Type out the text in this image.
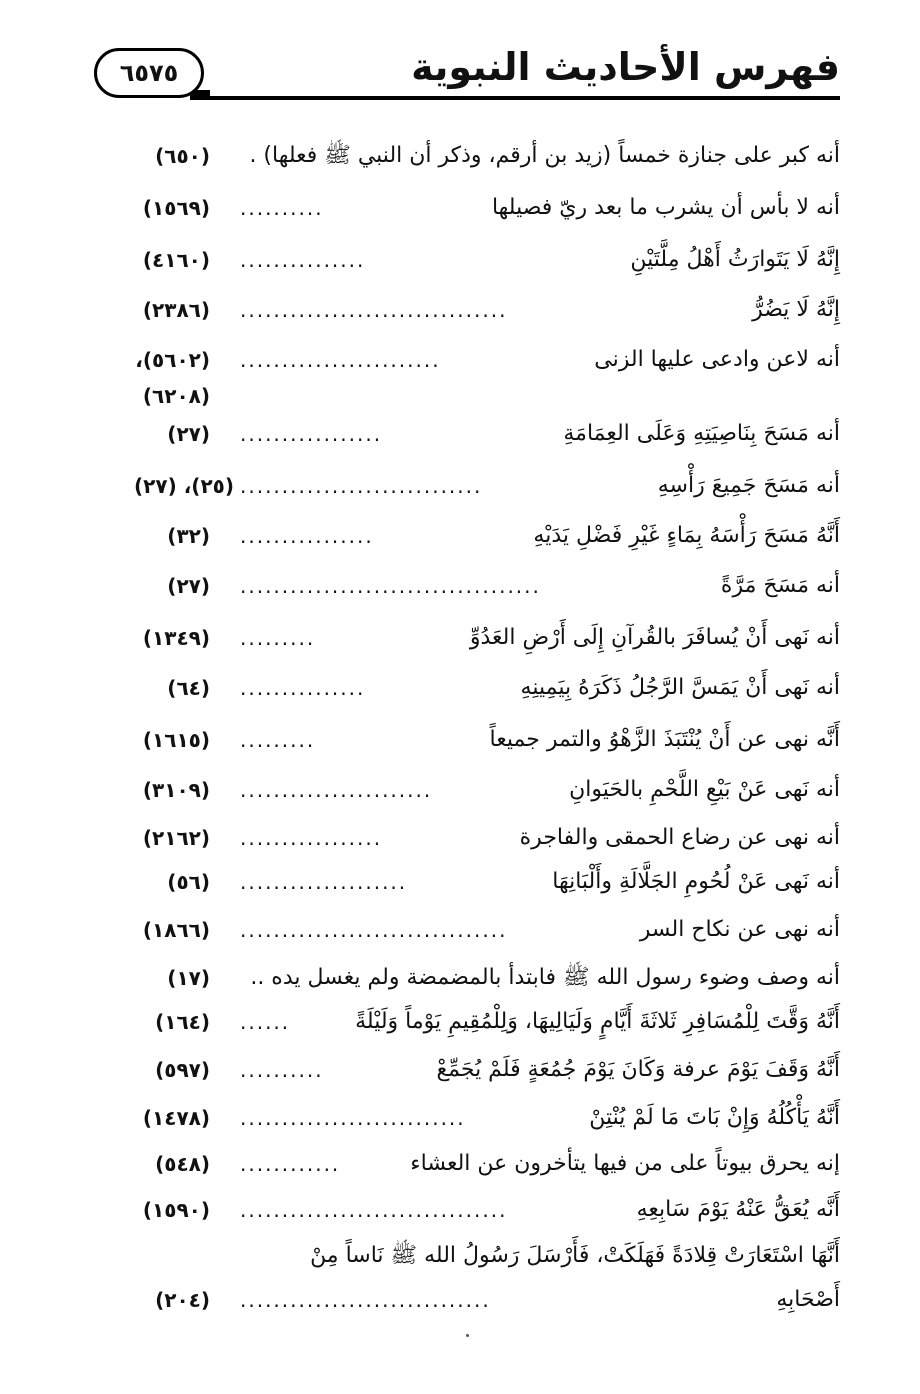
فهرس الأحاديث النبوية
٦٥٧٥
أنه كبر على جنازة خمساً (زيد بن أرقم، وذكر أن النبي ﷺ فعلها) .
(٦٥٠)
أنه لا بأس أن يشرب ما بعد ريّ فصيلها
..........
(١٥٦٩)
إِنَّهُ لَا يَتَوارَثُ أَهْلُ مِلَّتَيْنِ
...............
(٤١٦٠)
إِنَّهُ لَا يَضُرُّ
................................
(٢٣٨٦)
أنه لاعن وادعى عليها الزنى
........................
(٥٦٠٢)،
(٦٢٠٨)
أنه مَسَحَ بِنَاصِيَتِهِ وَعَلَى العِمَامَةِ
.................
(٢٧)
أنه مَسَحَ جَمِيعَ رَأْسِهِ
.............................
(٢٥)، (٢٧)
أَنَّهُ مَسَحَ رَأْسَهُ بِمَاءٍ غَيْرِ فَضْلِ يَدَيْهِ
................
(٣٢)
أنه مَسَحَ مَرَّةً
....................................
(٢٧)
أنه نَهى أَنْ يُسافَرَ بالقُرآنِ إِلَى أَرْضِ العَدُوِّ
.........
(١٣٤٩)
أنه نَهى أَنْ يَمَسَّ الرَّجُلُ ذَكَرَهُ بِيَمِينِهِ
...............
(٦٤)
أَنَّه نهى عن أَنْ يُنْتَبَذَ الزَّهْوُ والتمر جميعاً
.........
(١٦١٥)
أنه نَهى عَنْ بَيْعِ اللَّحْمِ بالحَيَوانِ
.......................
(٣١٠٩)
أنه نهى عن رضاع الحمقى والفاجرة
.................
(٢١٦٢)
أنه نَهى عَنْ لُحُومِ الجَلَّالَةِ وأَلْبَانِهَا
....................
(٥٦)
أنه نهى عن نكاح السر
................................
(١٨٦٦)
أنه وصف وضوء رسول الله ﷺ فابتدأ بالمضمضة ولم يغسل يده ..
(١٧)
أَنَّهُ وَقَّتَ لِلْمُسَافِرِ ثَلاثَةَ أَيَّامٍ وَلَيَالِيهَا، وَلِلْمُقِيمِ يَوْماً وَلَيْلَةً
......
(١٦٤)
أَنَّهُ وَقَفَ يَوْمَ عرفة وَكَانَ يَوْمَ جُمُعَةٍ فَلَمْ يُجَمِّعْ
..........
(٥٩٧)
أَنَّهُ يَأْكُلُهُ وَإِنْ بَاتَ مَا لَمْ يُنْتِنْ
...........................
(١٤٧٨)
إنه يحرق بيوتاً على من فيها يتأخرون عن العشاء
............
(٥٤٨)
أَنَّه يُعَقُّ عَنْهُ يَوْمَ سَابِعِهِ
................................
(١٥٩٠)
أَنَّهَا اسْتَعَارَتْ قِلادَةً فَهَلَكَتْ، فَأَرْسَلَ رَسُولُ الله ﷺ نَاساً مِنْ
أَصْحَابِهِ
..............................
(٢٠٤)
